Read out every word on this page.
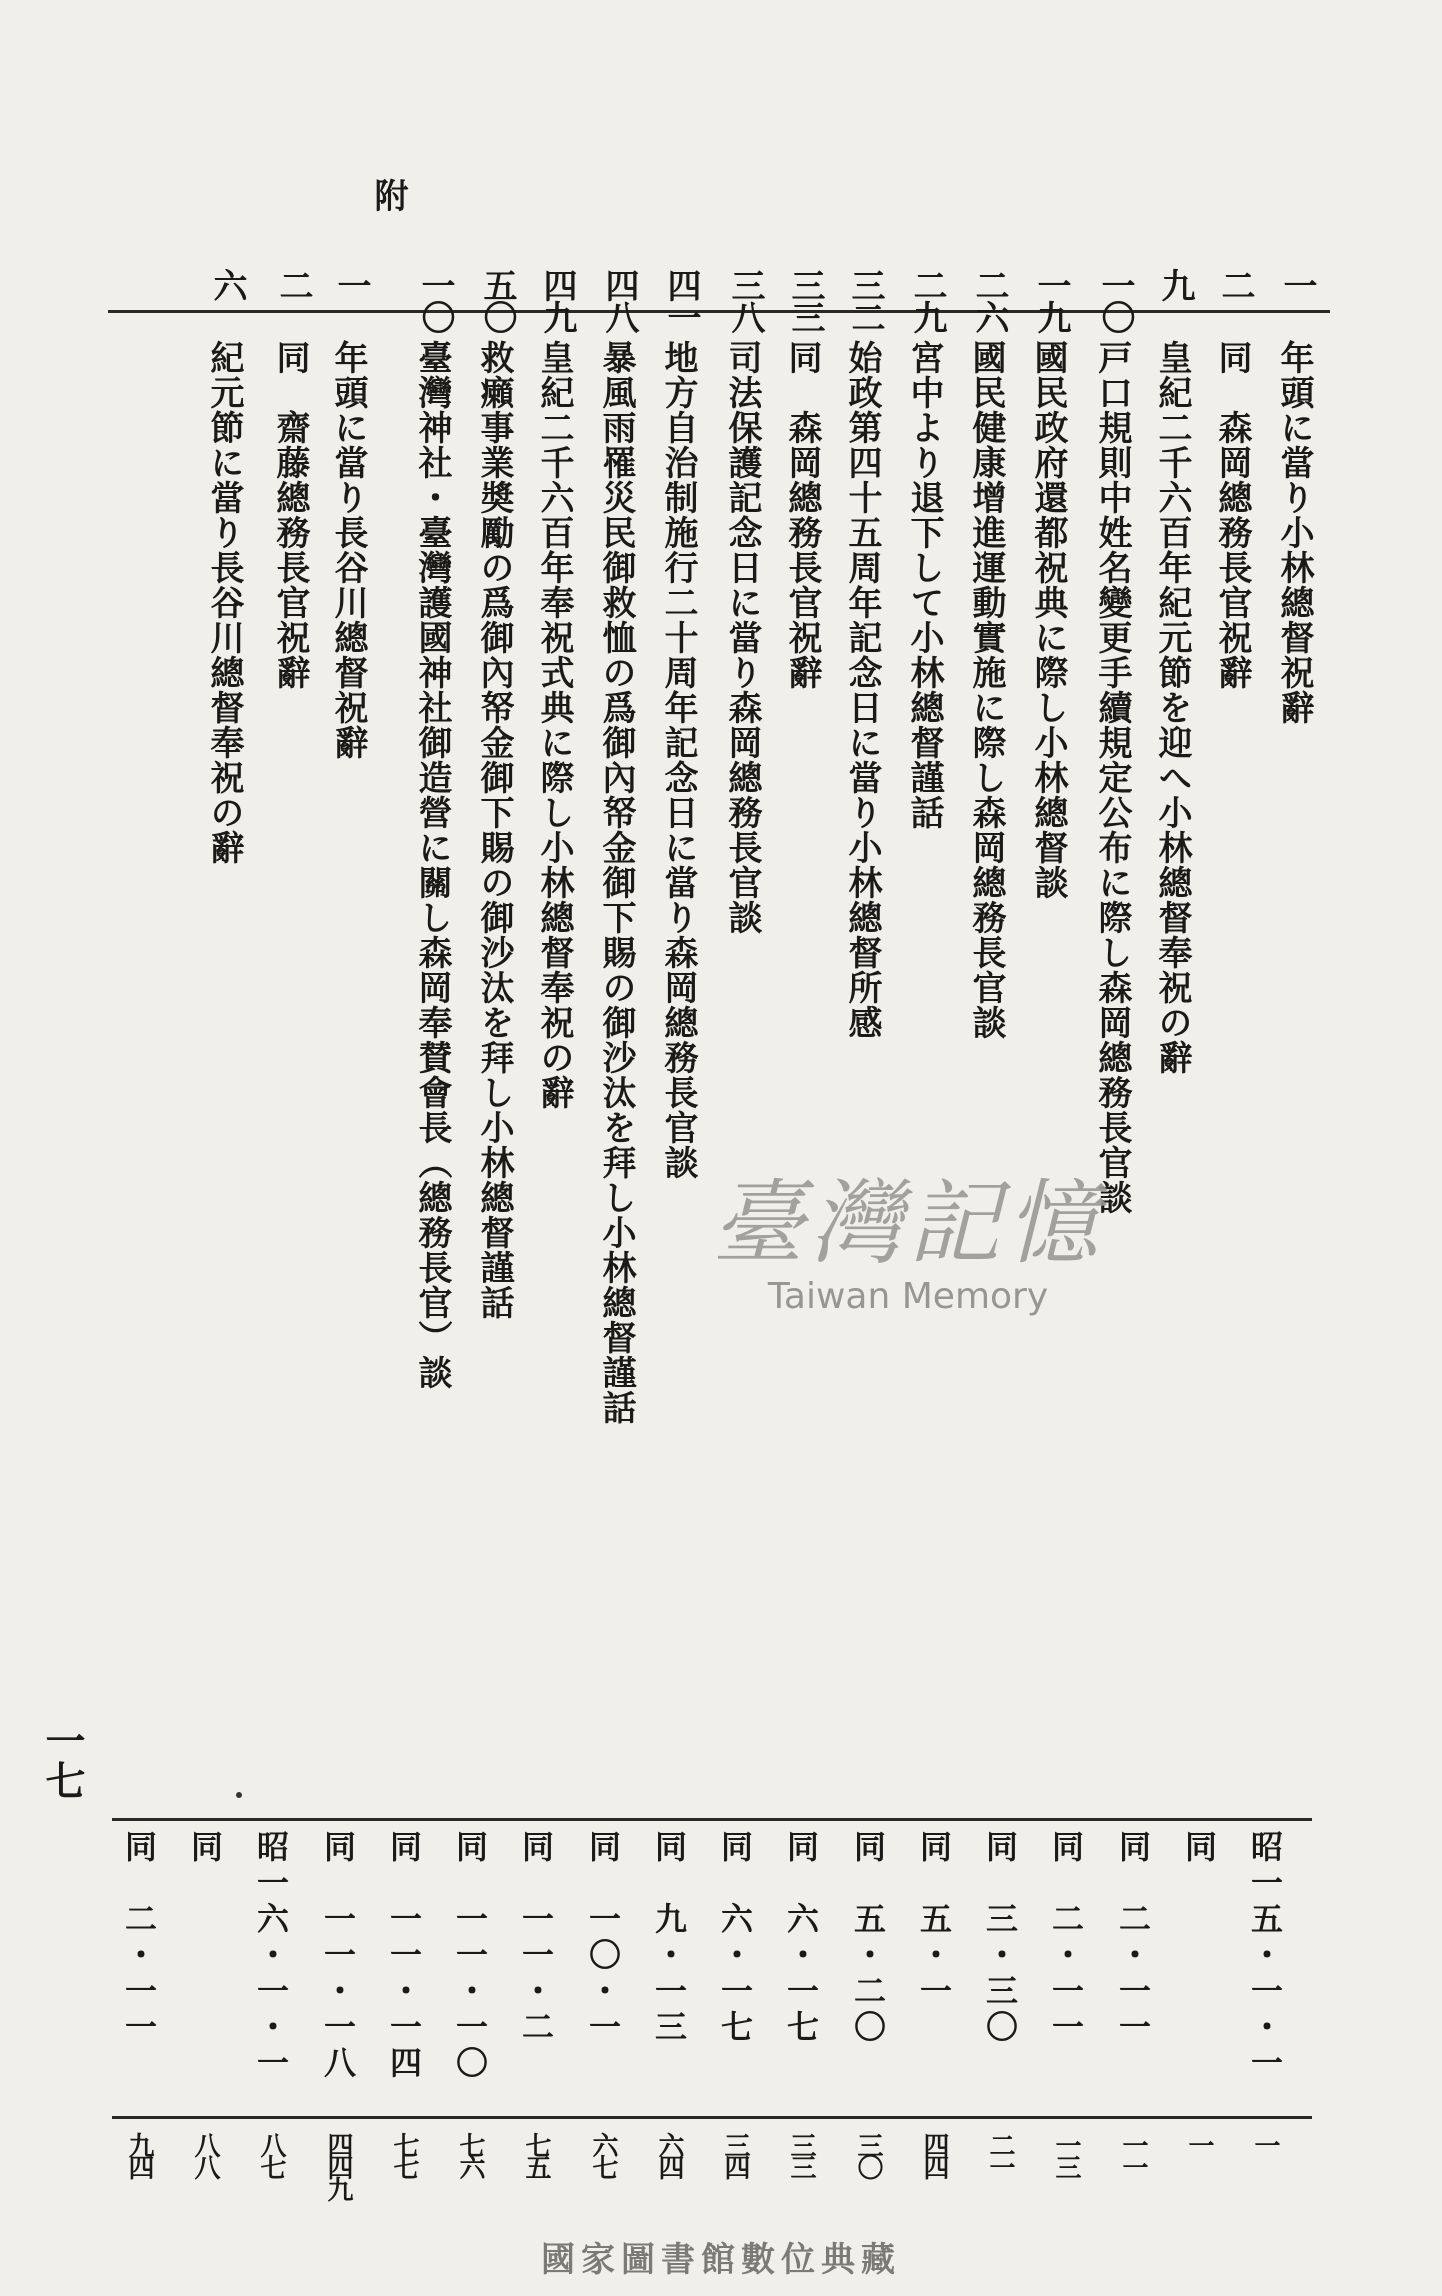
附
一
年頭に當り小林總督祝辭
二
同　森岡總務長官祝辭
九
皇紀二千六百年紀元節を迎へ小林總督奉祝の辭
一〇
戸口規則中姓名變更手續規定公布に際し森岡總務長官談
一九
國民政府還都祝典に際し小林總督談
二六
國民健康增進運動實施に際し森岡總務長官談
二九
宮中より退下して小林總督謹話
三二
始政第四十五周年記念日に當り小林總督所感
三三
同　森岡總務長官祝辭
三八
司法保護記念日に當り森岡總務長官談
四一
地方自治制施行二十周年記念日に當り森岡總務長官談
四八
暴風雨罹災民御救恤の爲御內帑金御下賜の御沙汰を拜し小林總督謹話
四九
皇紀二千六百年奉祝式典に際し小林總督奉祝の辭
五〇
救癩事業奬勵の爲御內帑金御下賜の御沙汰を拜し小林總督謹話
一〇
臺灣神社・臺灣護國神社御造營に關し森岡奉賛會長（總務長官）談
一
年頭に當り長谷川總督祝辭
二
同　齋藤總務長官祝辭
六
紀元節に當り長谷川總督奉祝の辭
昭一五・一・一
一
同
一
同　二・一一
一一
同　二・一一
一三
同　三・三〇
二一
同　五・一
四四
同　五・二〇
三〇
同　六・一七
三三
同　六・一七
三四
同　九・一三
六四
同　一〇・一
六七
同　一一・二
七五
同　一一・一〇
七六
同　一一・一四
七七
同　一一・一八
四四九
昭一六・一・一
八七
同
八八
同　二・一一
九四
一七
臺灣記憶
Taiwan Memory
國家圖書館數位典藏
